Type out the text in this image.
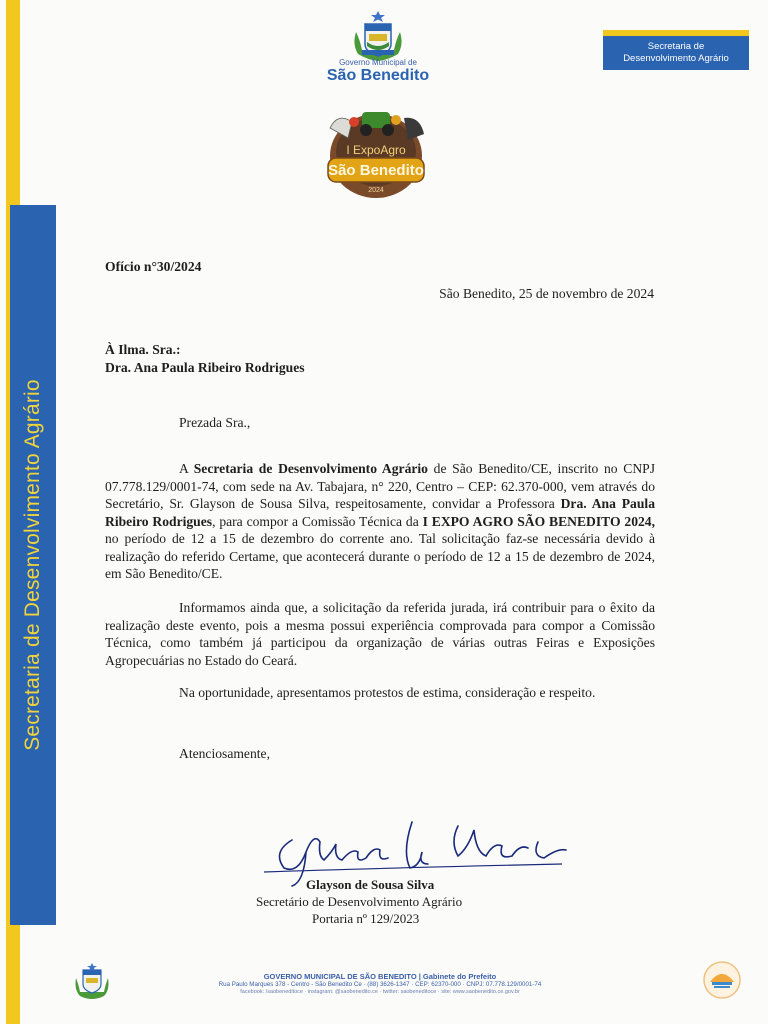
Secretaria de Desenvolvimento Agrário
Secretaria de
Desenvolvimento Agrário
Governo Municipal de
São Benedito
I ExpoAgro
São Benedito
2024
Ofício n°30/2024
São Benedito, 25 de novembro de 2024
À Ilma. Sra.:
Dra. Ana Paula Ribeiro Rodrigues
Prezada Sra.,
A Secretaria de Desenvolvimento Agrário de São Benedito/CE, inscrito no CNPJ 07.778.129/0001-74, com sede na Av. Tabajara, n° 220, Centro – CEP: 62.370-000, vem através do Secretário, Sr. Glayson de Sousa Silva, respeitosamente, convidar a Professora Dra. Ana Paula Ribeiro Rodrigues, para compor a Comissão Técnica da I EXPO AGRO SÃO BENEDITO 2024, no período de 12 a 15 de dezembro do corrente ano. Tal solicitação faz-se necessária devido à realização do referido Certame, que acontecerá durante o período de 12 a 15 de dezembro de 2024, em São Benedito/CE.
Informamos ainda que, a solicitação da referida jurada, irá contribuir para o êxito da realização deste evento, pois a mesma possui experiência comprovada para compor a Comissão Técnica, como também já participou da organização de várias outras Feiras e Exposições Agropecuárias no Estado do Ceará.
Na oportunidade, apresentamos protestos de estima, consideração e respeito.
Atenciosamente,
Glayson de Sousa Silva
Secretário de Desenvolvimento Agrário
Portaria nº 129/2023
GOVERNO MUNICIPAL DE SÃO BENEDITO | Gabinete do Prefeito
Rua Paulo Marques 378 - Centro - São Benedito Ce · (88) 3626-1347 · CEP: 62370-000 · CNPJ: 07.778.129/0001-74
facebook: /saobeneditoce · instagram: @saobenedito.ce · twitter: saobeneditoce · site: www.saobenedito.ce.gov.br
